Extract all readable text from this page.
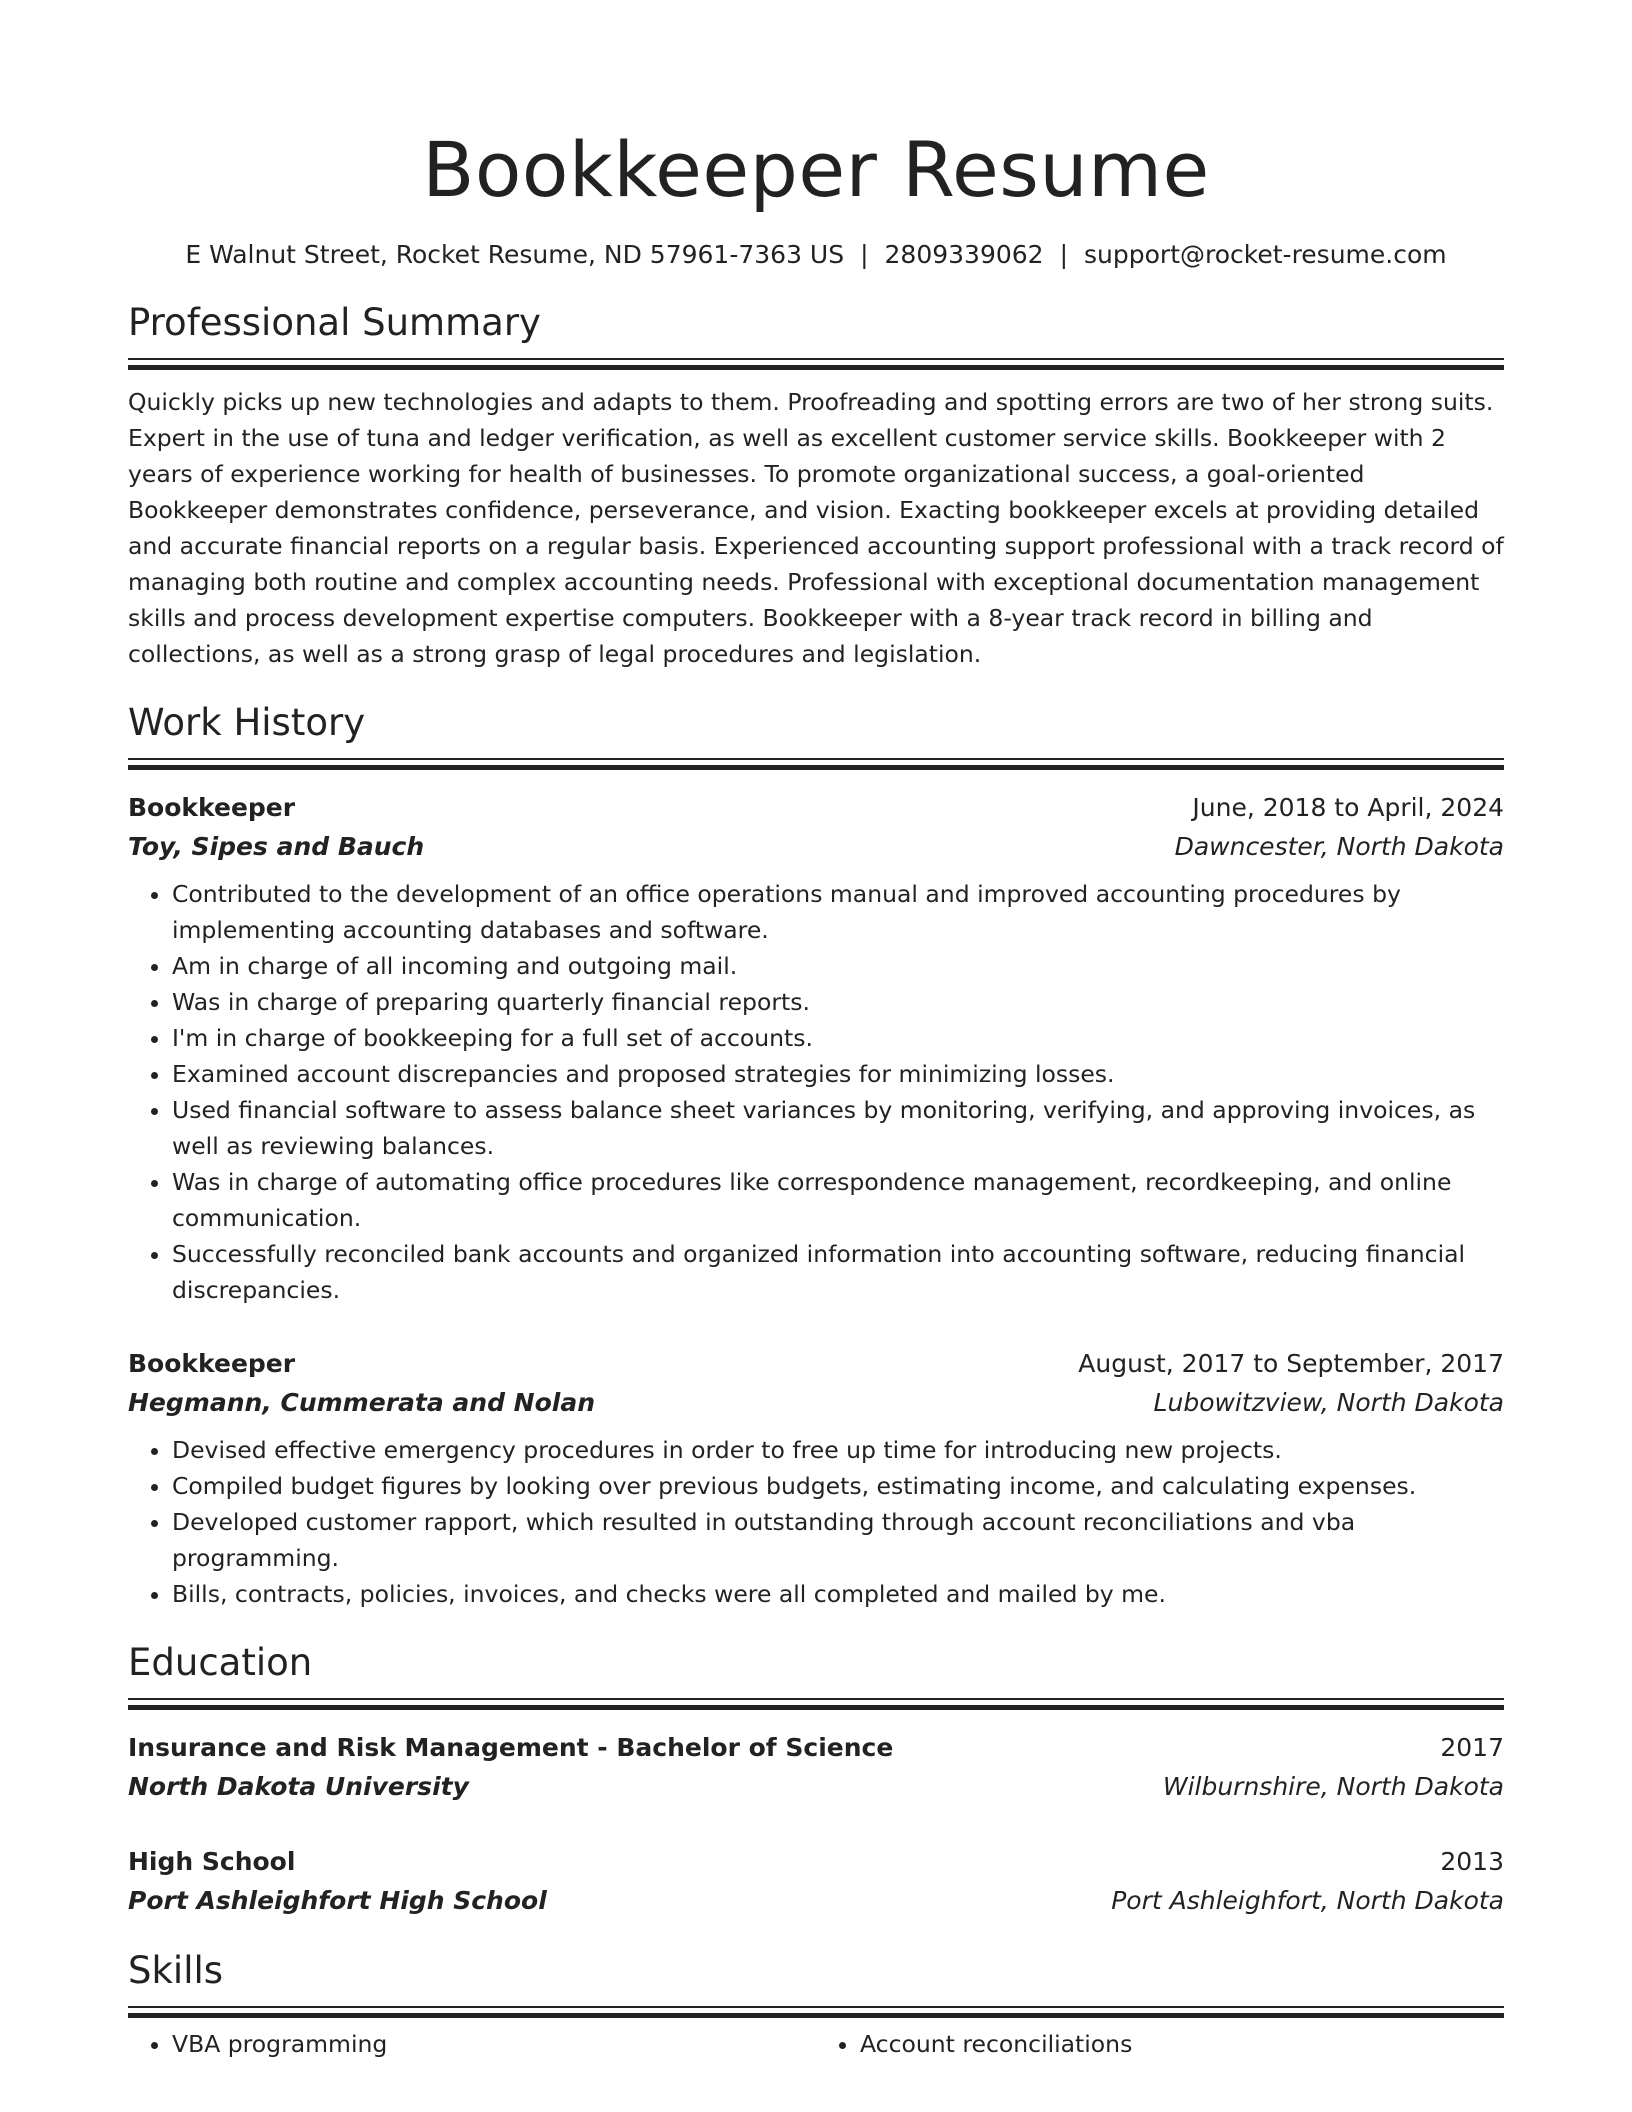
Bookkeeper Resume
E Walnut Street, Rocket Resume, ND 57961-7363 US | 2809339062 | support@rocket-resume.com
Professional Summary
Quickly picks up new technologies and adapts to them. Proofreading and spotting errors are two of her strong suits. Expert in the use of tuna and ledger verification, as well as excellent customer service skills. Bookkeeper with 2 years of experience working for health of businesses. To promote organizational success, a goal-oriented Bookkeeper demonstrates confidence, perseverance, and vision. Exacting bookkeeper excels at providing detailed and accurate financial reports on a regular basis. Experienced accounting support professional with a track record of managing both routine and complex accounting needs. Professional with exceptional documentation management skills and process development expertise computers. Bookkeeper with a 8-year track record in billing and collections, as well as a strong grasp of legal procedures and legislation.
Work History
Bookkeeper	June, 2018 to April, 2024
Toy, Sipes and Bauch	Dawncester, North Dakota
• Contributed to the development of an office operations manual and improved accounting procedures by implementing accounting databases and software.
• Am in charge of all incoming and outgoing mail.
• Was in charge of preparing quarterly financial reports.
• I'm in charge of bookkeeping for a full set of accounts.
• Examined account discrepancies and proposed strategies for minimizing losses.
• Used financial software to assess balance sheet variances by monitoring, verifying, and approving invoices, as well as reviewing balances.
• Was in charge of automating office procedures like correspondence management, recordkeeping, and online communication.
• Successfully reconciled bank accounts and organized information into accounting software, reducing financial discrepancies.
Bookkeeper	August, 2017 to September, 2017
Hegmann, Cummerata and Nolan	Lubowitzview, North Dakota
• Devised effective emergency procedures in order to free up time for introducing new projects.
• Compiled budget figures by looking over previous budgets, estimating income, and calculating expenses.
• Developed customer rapport, which resulted in outstanding through account reconciliations and vba programming.
• Bills, contracts, policies, invoices, and checks were all completed and mailed by me.
Education
Insurance and Risk Management - Bachelor of Science	2017
North Dakota University	Wilburnshire, North Dakota
High School	2013
Port Ashleighfort High School	Port Ashleighfort, North Dakota
Skills
• VBA programming
•	Account reconciliations
